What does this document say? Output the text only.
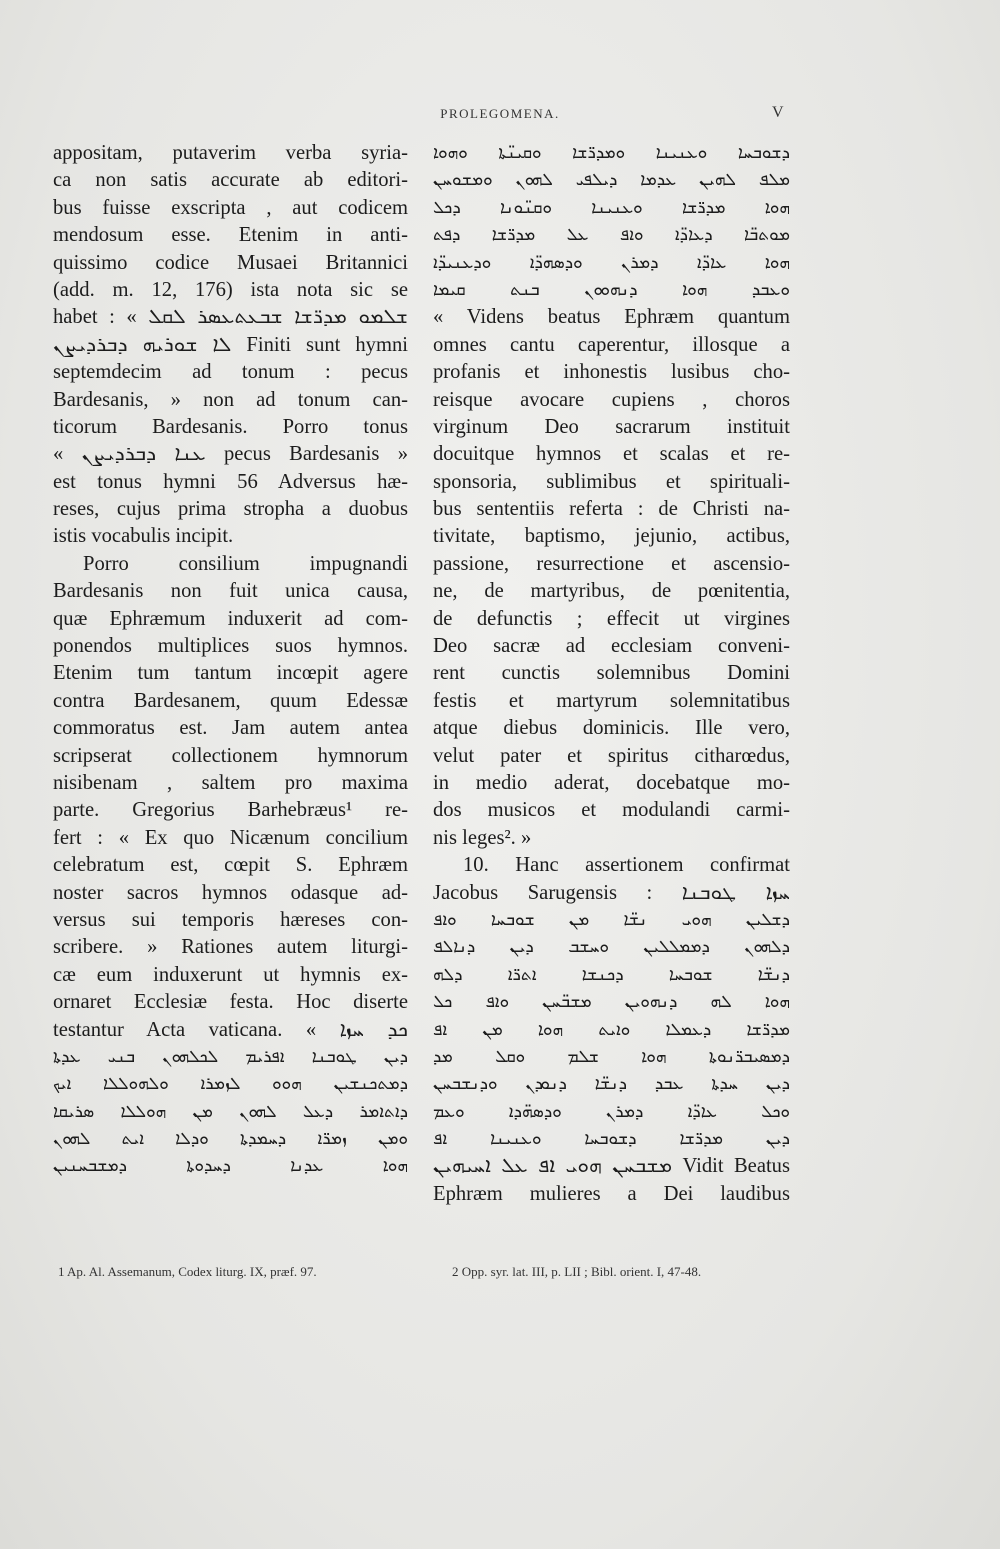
PROLEGOMENA.	V
appositam, putaverim verba syria-
ca non satis accurate ab editori-
bus fuisse exscripta , aut codicem
mendosum esse. Etenim in anti-
quissimo codice Musaei Britannici
(add. m. 12, 176) ista nota sic se
habet : « ܫܠܡܘ ܡܕܪ̈ܫܐ ܫܒܥܬܥܣܪ ܠܩܠ
ܠܐ ܫܘܪܝܗ ܕܒܪܕܝܨܢ Finiti sunt hymni
septemdecim ad tonum : pecus
Bardesanis, » non ad tonum can-
ticorum Bardesanis. Porro tonus
« ܥܢܐ ܕܒܪܕܝܨܢ pecus Bardesanis »
est tonus hymni 56 Adversus hæ-
reses, cujus prima stropha a duobus
istis vocabulis incipit.
Porro consilium impugnandi
Bardesanis non fuit unica causa,
quæ Ephræmum induxerit ad com-
ponendos multiplices suos hymnos.
Etenim tum tantum incœpit agere
contra Bardesanem, quum Edessæ
commoratus est. Jam autem antea
scripserat collectionem hymnorum
nisibenam , saltem pro maxima
parte. Gregorius Barhebræus¹ re-
fert : « Ex quo Nicænum concilium
celebratum est, cœpit S. Ephræm
noster sacros hymnos odasque ad-
versus sui temporis hæreses con-
scribere. » Rationes autem liturgi-
cæ eum induxerunt ut hymnis ex-
ornaret Ecclesiæ festa. Hoc diserte
testantur Acta vaticana. « ܟܕ ܚܙܐ
ܕܝܢ ܛܘܒܢܐ ܐܦܪܝܡ ܠܟܠܗܘܢ ܒܢܝ ܥܕܬܐ
ܕܡܬܟܢܫܝܢ ܗܘܘ ܠܙܡܪܐ ܘܠܗܘܠܠܐ ܐܝܟ
ܕܐܬܐܡܪ ܕܥܠ ܠܗܘܢ ܡܢ ܗܘܠܠܐ ܣܪܝܩܐ
ܘܡܢ ܙܡܪ̈ܐ ܕܚܡܕܬܐ ܘܕܠܐ ܐܝܬ ܠܗܘܢ
ܗܘܐ ܥܕܢܐ ܕܚܕܘܬܐ ܕܡܫܒܚܢܝܢ
ܕܫܘܒܚܐ ܘܥܢܝܢܐ ܘܡܕܪ̈ܫܐ ܘܩܝܢ̈ܬܐ ܘܗܘܐ
ܡܠܦ ܠܗܝܢ ܥܕܡܐ ܕܝܠܦܝ ܠܗܘܢ ܘܡܫܘܚܢ
ܗܘܐ ܡܕܪ̈ܫܐ ܘܥܢܝܢܐ ܘܩܢ̈ܘܢܐ ܕܟܠ
ܡܘܬܒ̈ܐ ܕܥܐܕ̈ܐ ܘܐܦ ܥܠ ܡܕܪ̈ܫܐ ܕܦܬ
ܗܘܐ ܥܐܕ̈ܐ ܕܡܪܢ ܘܕܣܗܕ̈ܐ ܘܕܥܢܝܕ̈ܐ
ܘܥܒܕ ܗܘܐ ܕܢܗܘܘܢ ܒܢܬ ܩܝܡܐ
« Videns beatus Ephræm quantum
omnes cantu caperentur, illosque a
profanis et inhonestis lusibus cho-
reisque avocare cupiens , choros
virginum Deo sacrarum instituit
docuitque hymnos et scalas et re-
sponsoria, sublimibus et spirituali-
bus sententiis referta : de Christi na-
tivitate, baptismo, jejunio, actibus,
passione, resurrectione et ascensio-
ne, de martyribus, de pœnitentia,
de defunctis ; effecit ut virgines
Deo sacræ ad ecclesiam conveni-
rent cunctis solemnibus Domini
festis et martyrum solemnitatibus
atque diebus dominicis. Ille vero,
velut pater et spiritus citharœdus,
in medio aderat, docebatque mo-
dos musicos et modulandi carmi-
nis leges². »
10. Hanc assertionem confirmat
Jacobus Sarugensis : ܚܙܐ ܛܘܒܢܐ
ܕܫܠܝܢ ܗܘܝ ܢܫ̈ܐ ܡܢ ܫܘܒܚܐ ܘܐܦ
ܕܠܗܘܢ ܕܡܡܠܠܝܢ ܘܚܫܒ ܕܝܢ ܕܢܐܠܦ
ܕܢܫ̈ܐ ܫܘܒܚܐ ܕܟܢܫܐ ܐܬܪ̈ܐ ܕܠܗ
ܗܘܐ ܠܗ ܕܢܗܘܝܢ ܡܫܒ̈ܚܢ ܘܐܦ ܟܠ
ܡܕܪ̈ܫܐ ܕܥܡܠܐ ܘܐܝܬ ܗܘܐ ܡܢ ܐܦ
ܕܡܣܝܒܪ̈ܢܘܬܐ ܗܘܐ ܫܠܡ ܘܩܠ ܡܕ
ܕܝܢ ܚܕܬܐ ܥܒܕ ܕܢܫ̈ܐ ܕܢܘܕܢ ܘܕܢܫܒܚܢ
ܘܟܠ ܥܐܕ̈ܐ ܕܡܪܢ ܘܕܣܗ̈ܕܐ ܘܥܡ
ܕܝܢ ܡܕܪ̈ܫܐ ܕܫܘܒܚܐ ܘܥܢܝܢܐ ܐܦ
ܡܫܒܚܢ ܗܘܝ ܐܦ ܥܠ ܐܚܝܗܝܢ Vidit Beatus
Ephræm mulieres a Dei laudibus
1 Ap. Al. Assemanum, Codex liturg. IX, præf. 97.	2 Opp. syr. lat. III, p. LII ; Bibl. orient. I, 47-48.
